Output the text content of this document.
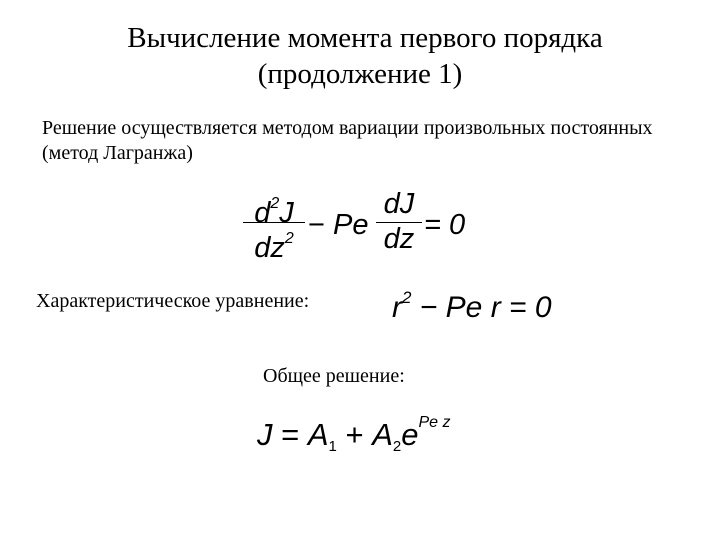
Вычисление момента первого порядка
(продолжение 1)
Решение осуществляется методом вариации произвольных постоянных (метод Лагранжа)
$\frac{d^2J}{dz^2} - Pe \frac{dJ}{dz} = 0$
Характеристическое уравнение:	$r^2 - Pe$ r = 0
Общее решение:
$J = A1 + A2e^{Pe z}$
